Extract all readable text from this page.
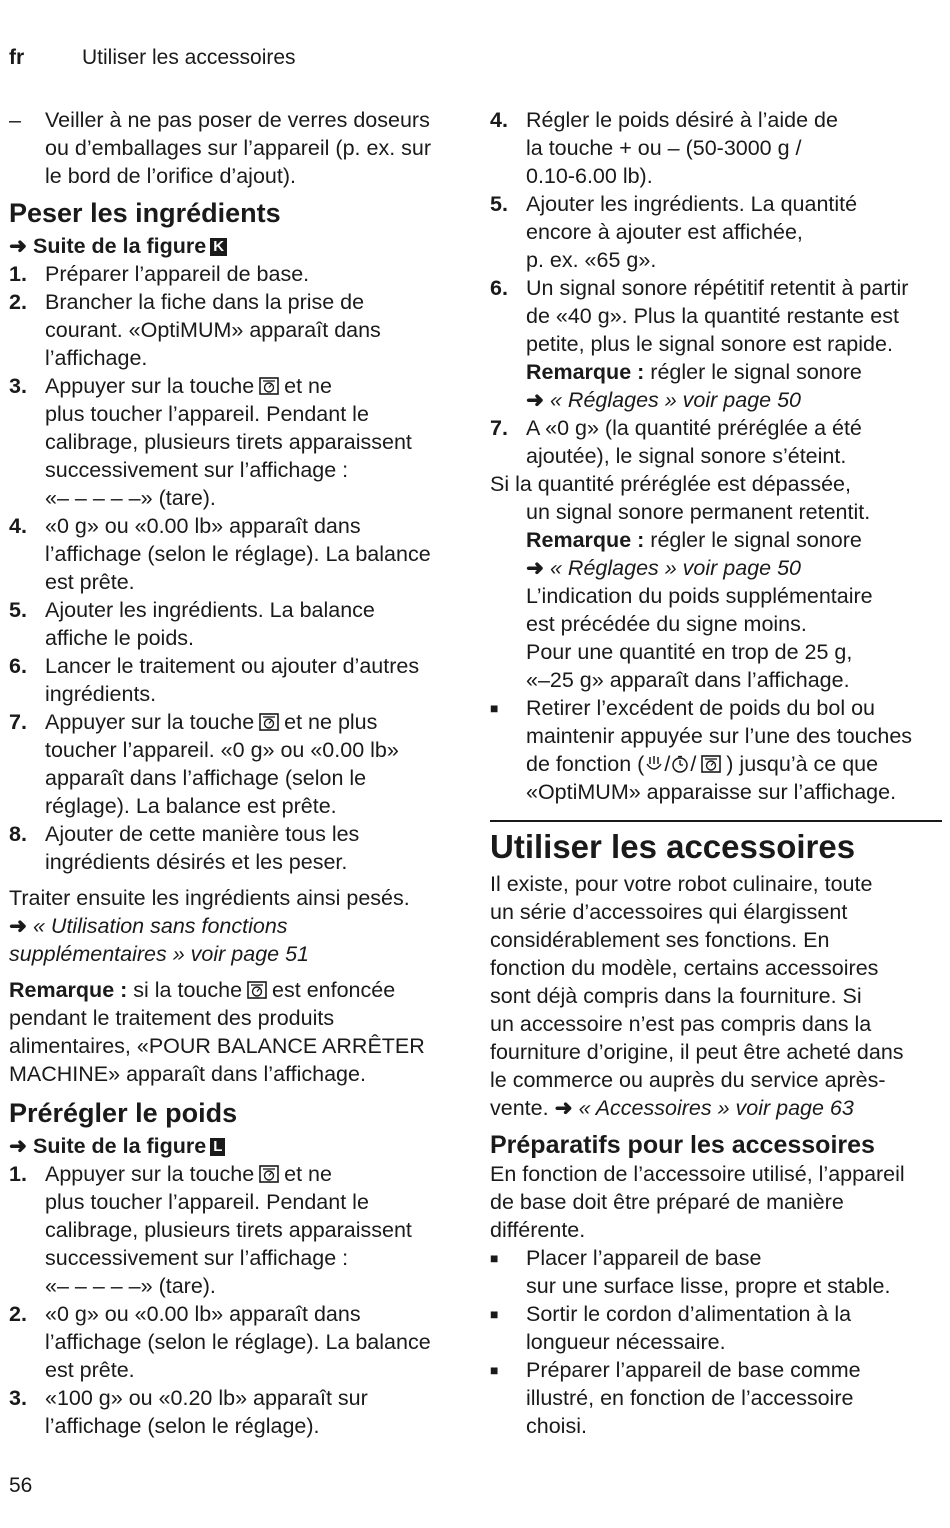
fr	Utiliser les accessoires
–	Veiller à ne pas poser de verres doseurs
ou d’emballages sur l’appareil (p. ex. sur
le bord de l’orifice d’ajout).
Peser les ingrédients
➜ Suite de la figure K
1. Préparer l’appareil de base.
2. Brancher la fiche dans la prise de
courant. «OptiMUM» apparaît dans
l’affichage.
3. Appuyer sur la touche et ne
plus toucher l’appareil. Pendant le
calibrage, plusieurs tirets apparaissent
successivement sur l’affichage :
«– – – – –» (tare).
4. «0 g» ou «0.00 lb» apparaît dans
l’affichage (selon le réglage). La balance
est prête.
5. Ajouter les ingrédients. La balance
affiche le poids.
6. Lancer le traitement ou ajouter d’autres
ingrédients.
7. Appuyer sur la touche et ne plus
toucher l’appareil. «0 g» ou «0.00 lb»
apparaît dans l’affichage (selon le
réglage). La balance est prête.
8. Ajouter de cette manière tous les
ingrédients désirés et les peser.
Traiter ensuite les ingrédients ainsi pesés.
➜ « Utilisation sans fonctions
supplémentaires » voir page 51
Remarque : si la touche est enfoncée
pendant le traitement des produits
alimentaires, «POUR BALANCE ARRÊTER
MACHINE» apparaît dans l’affichage.
Prérégler le poids
➜ Suite de la figure L
1. Appuyer sur la touche et ne
plus toucher l’appareil. Pendant le
calibrage, plusieurs tirets apparaissent
successivement sur l’affichage :
«– – – – –» (tare).
2. «0 g» ou «0.00 lb» apparaît dans
l’affichage (selon le réglage). La balance
est prête.
3. «100 g» ou «0.20 lb» apparaît sur
l’affichage (selon le réglage).
4. Régler le poids désiré à l’aide de
la touche + ou – (50-3000 g /
0.10-6.00 lb).
5. Ajouter les ingrédients. La quantité
encore à ajouter est affichée,
p. ex. «65 g».
6. Un signal sonore répétitif retentit à partir
de «40 g». Plus la quantité restante est
petite, plus le signal sonore est rapide.
Remarque : régler le signal sonore
➜ « Réglages » voir page 50
7. A «0 g» (la quantité préréglée a été
ajoutée), le signal sonore s’éteint.
Si la quantité préréglée est dépassée,
un signal sonore permanent retentit.
Remarque : régler le signal sonore
➜ « Réglages » voir page 50
L’indication du poids supplémentaire
est précédée du signe moins.
Pour une quantité en trop de 25 g,
«–25 g» apparaît dans l’affichage.
■	Retirer l’excédent de poids du bol ou
maintenir appuyée sur l’une des touches
de fonction ( / / ) jusqu’à ce que
«OptiMUM» apparaisse sur l’affichage.
Utiliser les accessoires
Il existe, pour votre robot culinaire, toute
un série d’accessoires qui élargissent
considérablement ses fonctions. En
fonction du modèle, certains accessoires
sont déjà compris dans la fourniture. Si
un accessoire n’est pas compris dans la
fourniture d’origine, il peut être acheté dans
le commerce ou auprès du service après-
vente. ➜ « Accessoires » voir page 63
Préparatifs pour les accessoires
En fonction de l’accessoire utilisé, l’appareil
de base doit être préparé de manière
différente.
■	Placer l’appareil de base
sur une surface lisse, propre et stable.
■	Sortir le cordon d’alimentation à la
longueur nécessaire.
■	Préparer l’appareil de base comme
illustré, en fonction de l’accessoire
choisi.
56
